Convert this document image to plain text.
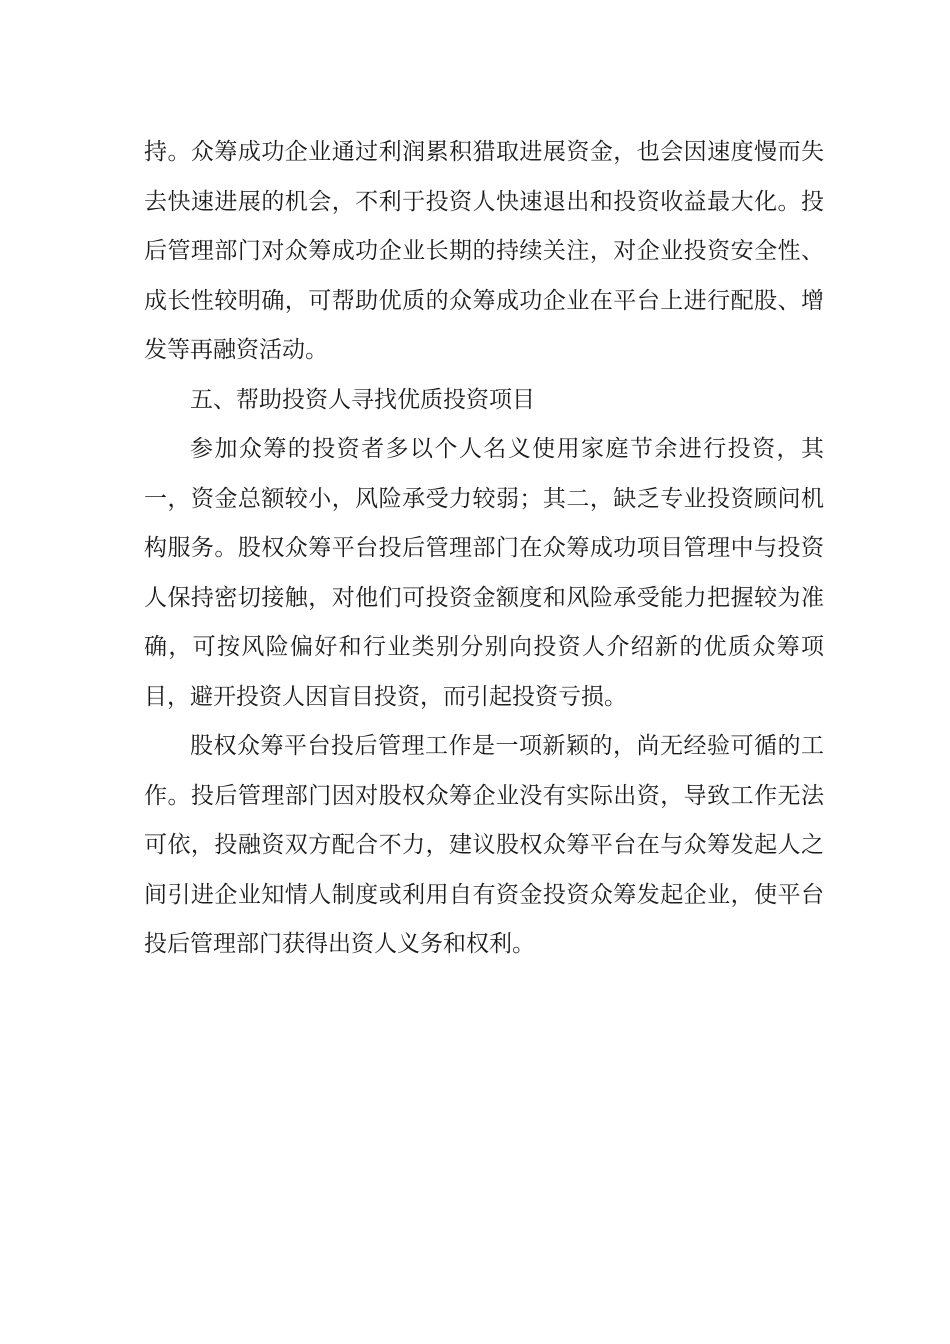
持。众筹成功企业通过利润累积猎取进展资金，也会因速度慢而失去快速进展的机会，不利于投资人快速退出和投资收益最大化。投后管理部门对众筹成功企业长期的持续关注，对企业投资安全性、成长性较明确，可帮助优质的众筹成功企业在平台上进行配股、增发等再融资活动。

五、帮助投资人寻找优质投资项目

参加众筹的投资者多以个人名义使用家庭节余进行投资，其一，资金总额较小，风险承受力较弱；其二，缺乏专业投资顾问机构服务。股权众筹平台投后管理部门在众筹成功项目管理中与投资人保持密切接触，对他们可投资金额度和风险承受能力把握较为准确，可按风险偏好和行业类别分别向投资人介绍新的优质众筹项目，避开投资人因盲目投资，而引起投资亏损。

股权众筹平台投后管理工作是一项新颖的，尚无经验可循的工作。投后管理部门因对股权众筹企业没有实际出资，导致工作无法可依，投融资双方配合不力，建议股权众筹平台在与众筹发起人之间引进企业知情人制度或利用自有资金投资众筹发起企业，使平台投后管理部门获得出资人义务和权利。
